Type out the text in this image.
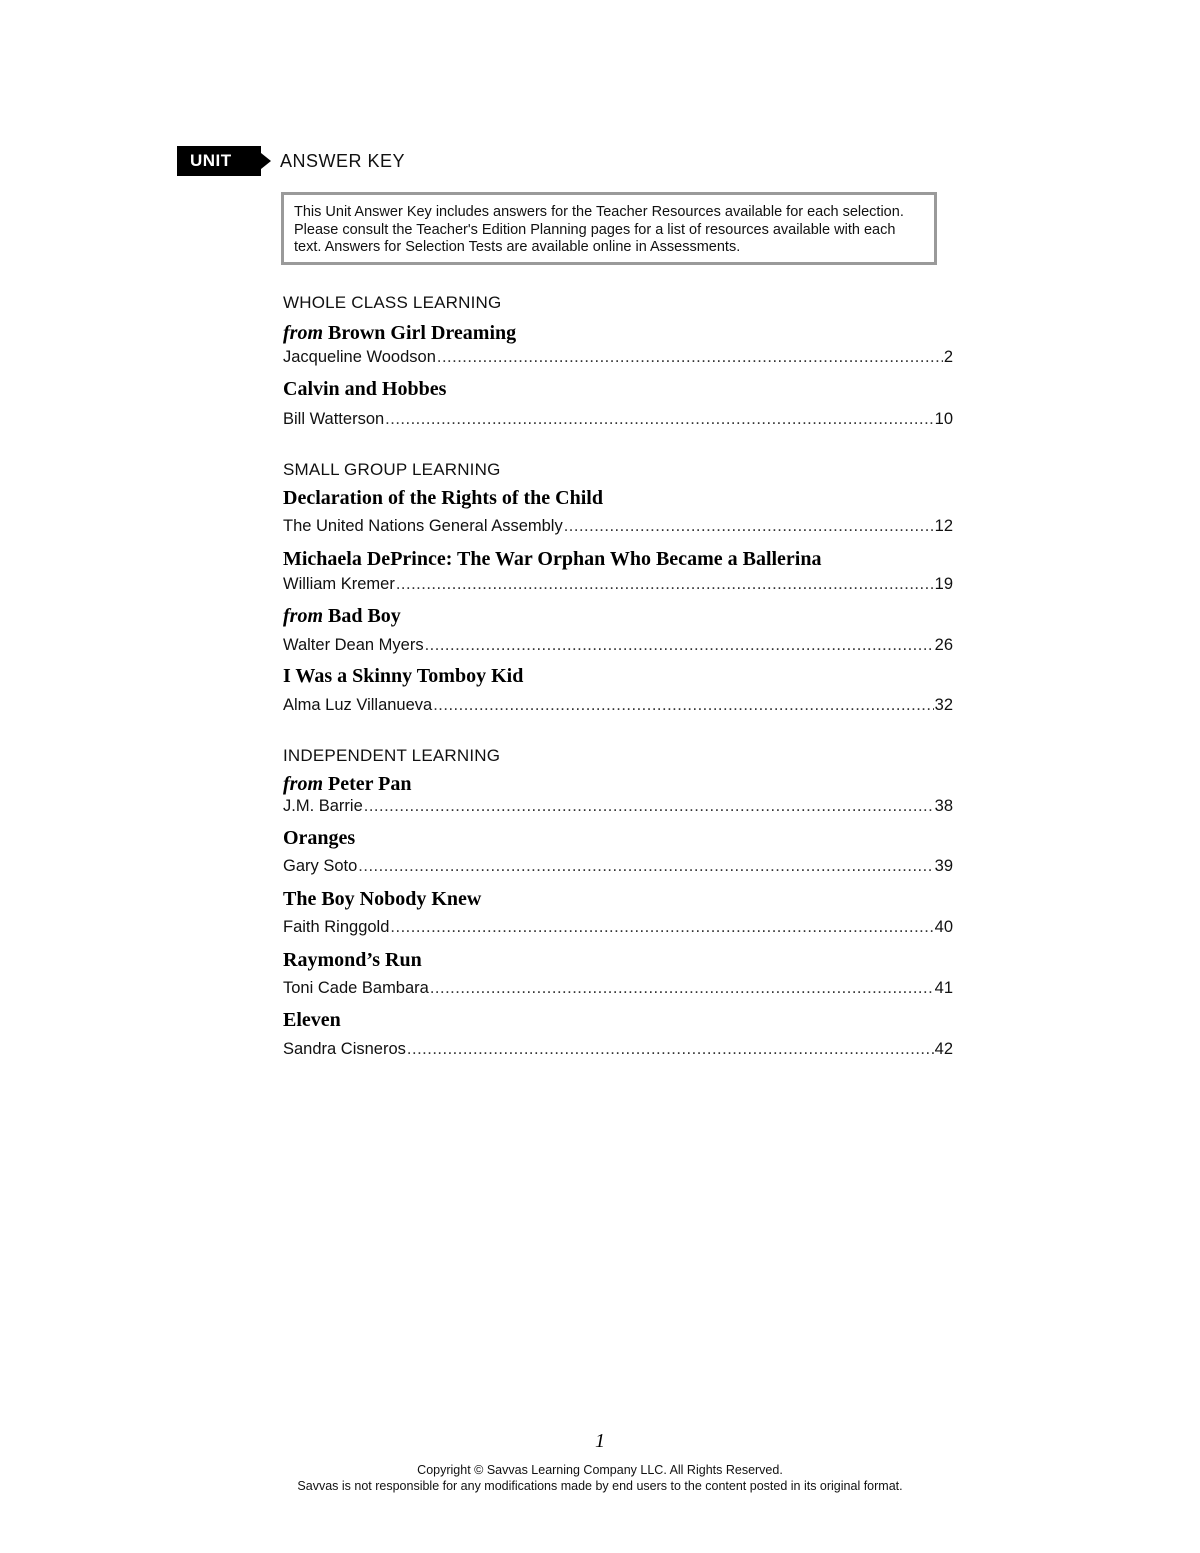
UNIT 1
ANSWER KEY
This Unit Answer Key includes answers for the Teacher Resources available for each selection. Please consult the Teacher's Edition Planning pages for a list of resources available with each text. Answers for Selection Tests are available online in Assessments.
WHOLE CLASS LEARNING
from Brown Girl Dreaming
Jacqueline Woodson .....	2
Calvin and Hobbes
Bill Watterson .....	10
SMALL GROUP LEARNING
Declaration of the Rights of the Child
The United Nations General Assembly .....	12
Michaela DePrince: The War Orphan Who Became a Ballerina
William Kremer .....	19
from Bad Boy
Walter Dean Myers .....	26
I Was a Skinny Tomboy Kid
Alma Luz Villanueva .....	32
INDEPENDENT LEARNING
from Peter Pan
J.M. Barrie .....	38
Oranges
Gary Soto .....	39
The Boy Nobody Knew
Faith Ringgold .....	40
Raymond’s Run
Toni Cade Bambara .....	41
Eleven
Sandra Cisneros .....	42
1
Copyright © Savvas Learning Company LLC. All Rights Reserved.
Savvas is not responsible for any modifications made by end users to the content posted in its original format.
